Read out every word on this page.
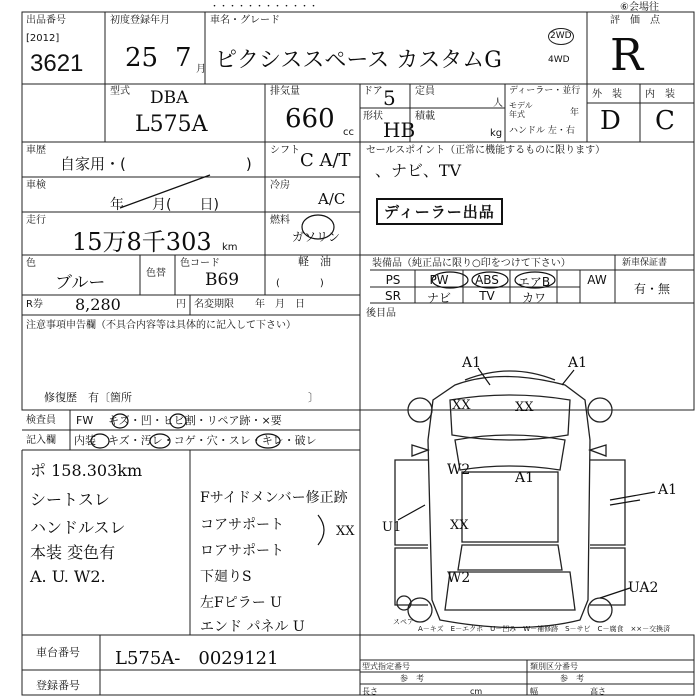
・・・・・・・・・・・・	⑥会場往
出品番号
[2012]
3621
初度登録年月
25 7 月
車名・グレード
ピクシススペース カスタムG
2WD
4WD
評　価　点
R
外　装 内　装
D C
型式 DBA
L575A
排気量
660 cc
ドア 5
形状
HB
定員
人
積載
kg
ディーラー・並行
モデル年式	年
ハンドル 左・右
車歴
自家用・(　　　　　　　　)
車検
年　　月(　　日)
走行
15万8千303 km
色
ブルー	色替
色コード
B69
R券 8,280	円 名変期限 年　月　日
シフト C A/T
冷房
A/C
燃料
ガソリン
軽　油
(　　　　)
セールスポイント（正常に機能するものに限ります）
、ナビ、TV
ディーラー出品
装備品（純正品に限り○印をつけて下さい）	新車保証書
PS	PW	ABS	エアB	AW
SR	ナビ	TV	カワ
有・無
後目品
注意事項申告欄（不具合内容等は具体的に記入して下さい）
修復歴　有〔箇所　　　　　　　　　　　　　　　　〕
検査員
記入欄
FW キズ・凹・ヒビ割・リペア跡・×要
内装 キズ・汚レ・コゲ・穴・スレ・キレ・破レ
ポ 158.303km
シートスレ
ハンドルスレ
本装 変色有
A. U. W2.
Fサイドメンバー修正跡
コアサポート
ロアサポート
下廻りS
左Fピラー U
エンド パネル U
XX
A1	A1
XX	XX
W2	A1
U1
A1
XX
W2
UA2
スペア
A－キズ　E－エクボ　U－凹み　W－補修跡　S－サビ　C－腐食　××－交換済
車台番号 L575A-　0029121
登録番号
型式指定番号	類別区分番号
参　考	参　考
長さ	cm	幅	高さ
